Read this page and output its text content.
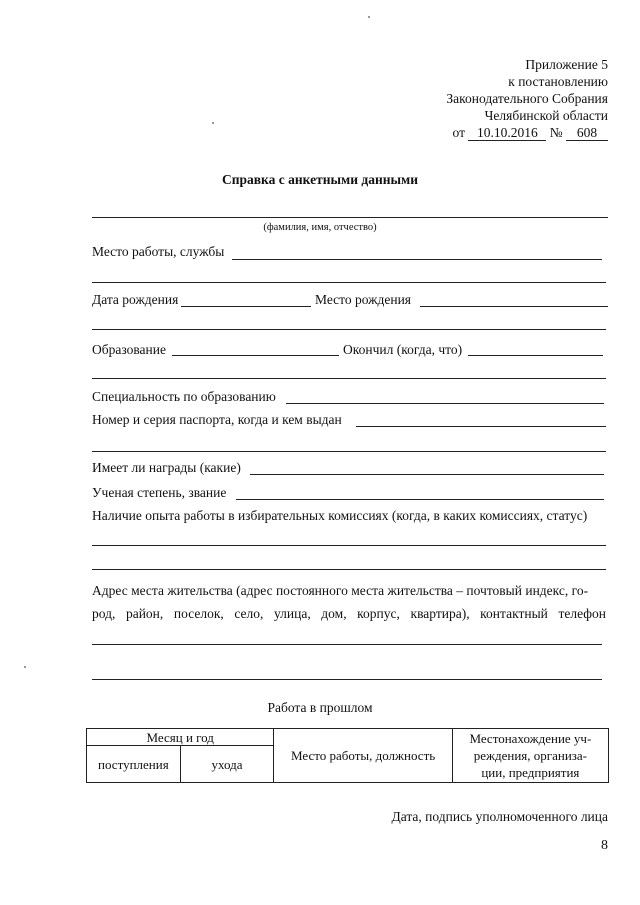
Приложение 5
к постановлению
Законодательного Собрания
Челябинской области
от 10.10.2016 № 608
Справка с анкетными данными
(фамилия, имя, отчество)
Место работы, службы
Дата рождения	Место рождения
Образование	Окончил (когда, что)
Специальность по образованию
Номер и серия паспорта, когда и кем выдан
Имеет ли награды (какие)
Ученая степень, звание
Наличие опыта работы в избирательных комиссиях (когда, в каких комиссиях, статус)
Адрес места жительства (адрес постоянного места жительства – почтовый индекс, го-
род, район, поселок, село, улица, дом, корпус, квартира), контактный телефон
Работа в прошлом
Месяц и год		Место работы, должность	Местонахождение уч-
реждения, организа-
ции, предприятия

поступления	ухода		
Дата, подпись уполномоченного лица
8
